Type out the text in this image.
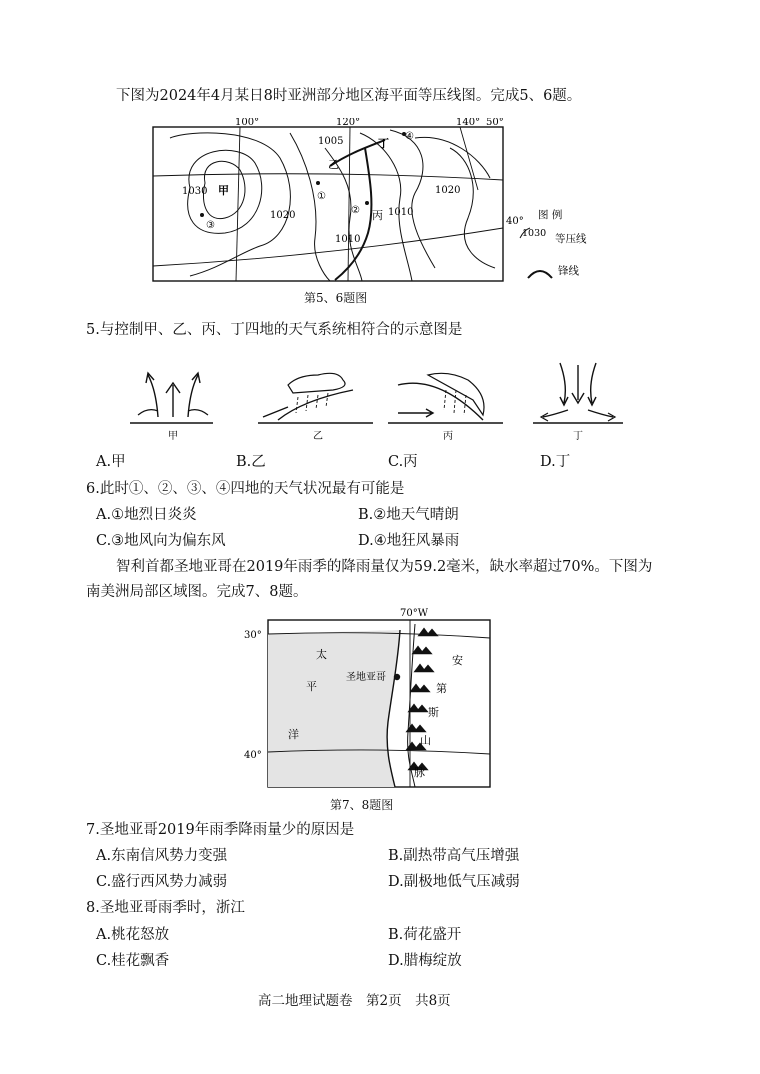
下图为2024年4月某日8时亚洲部分地区海平面等压线图。完成5、6题。
100°	120°	140° 50°
40°
1005
1030
1020
1020
1010
1010
甲
乙
丙
丁
①
②
③
④
图 例
1030 等压线
锋线
第5、6题图
5.与控制甲、乙、丙、丁四地的天气系统相符合的示意图是
甲	乙	丙	丁
A.甲	B.乙	C.丙	D.丁
6.此时①、②、③、④四地的天气状况最有可能是
A.①地烈日炎炎	B.②地天气晴朗
C.③地风向为偏东风	D.④地狂风暴雨
智利首都圣地亚哥在2019年雨季的降雨量仅为59.2毫米，缺水率超过70%。下图为
南美洲局部区域图。完成7、8题。
70°W
30°
40°
太
平
洋
圣地亚哥
安
第
斯
山
脉
第7、8题图
7.圣地亚哥2019年雨季降雨量少的原因是
A.东南信风势力变强	B.副热带高气压增强
C.盛行西风势力减弱	D.副极地低气压减弱
8.圣地亚哥雨季时，浙江
A.桃花怒放	B.荷花盛开
C.桂花飘香	D.腊梅绽放
高二地理试题卷　第2页　共8页
